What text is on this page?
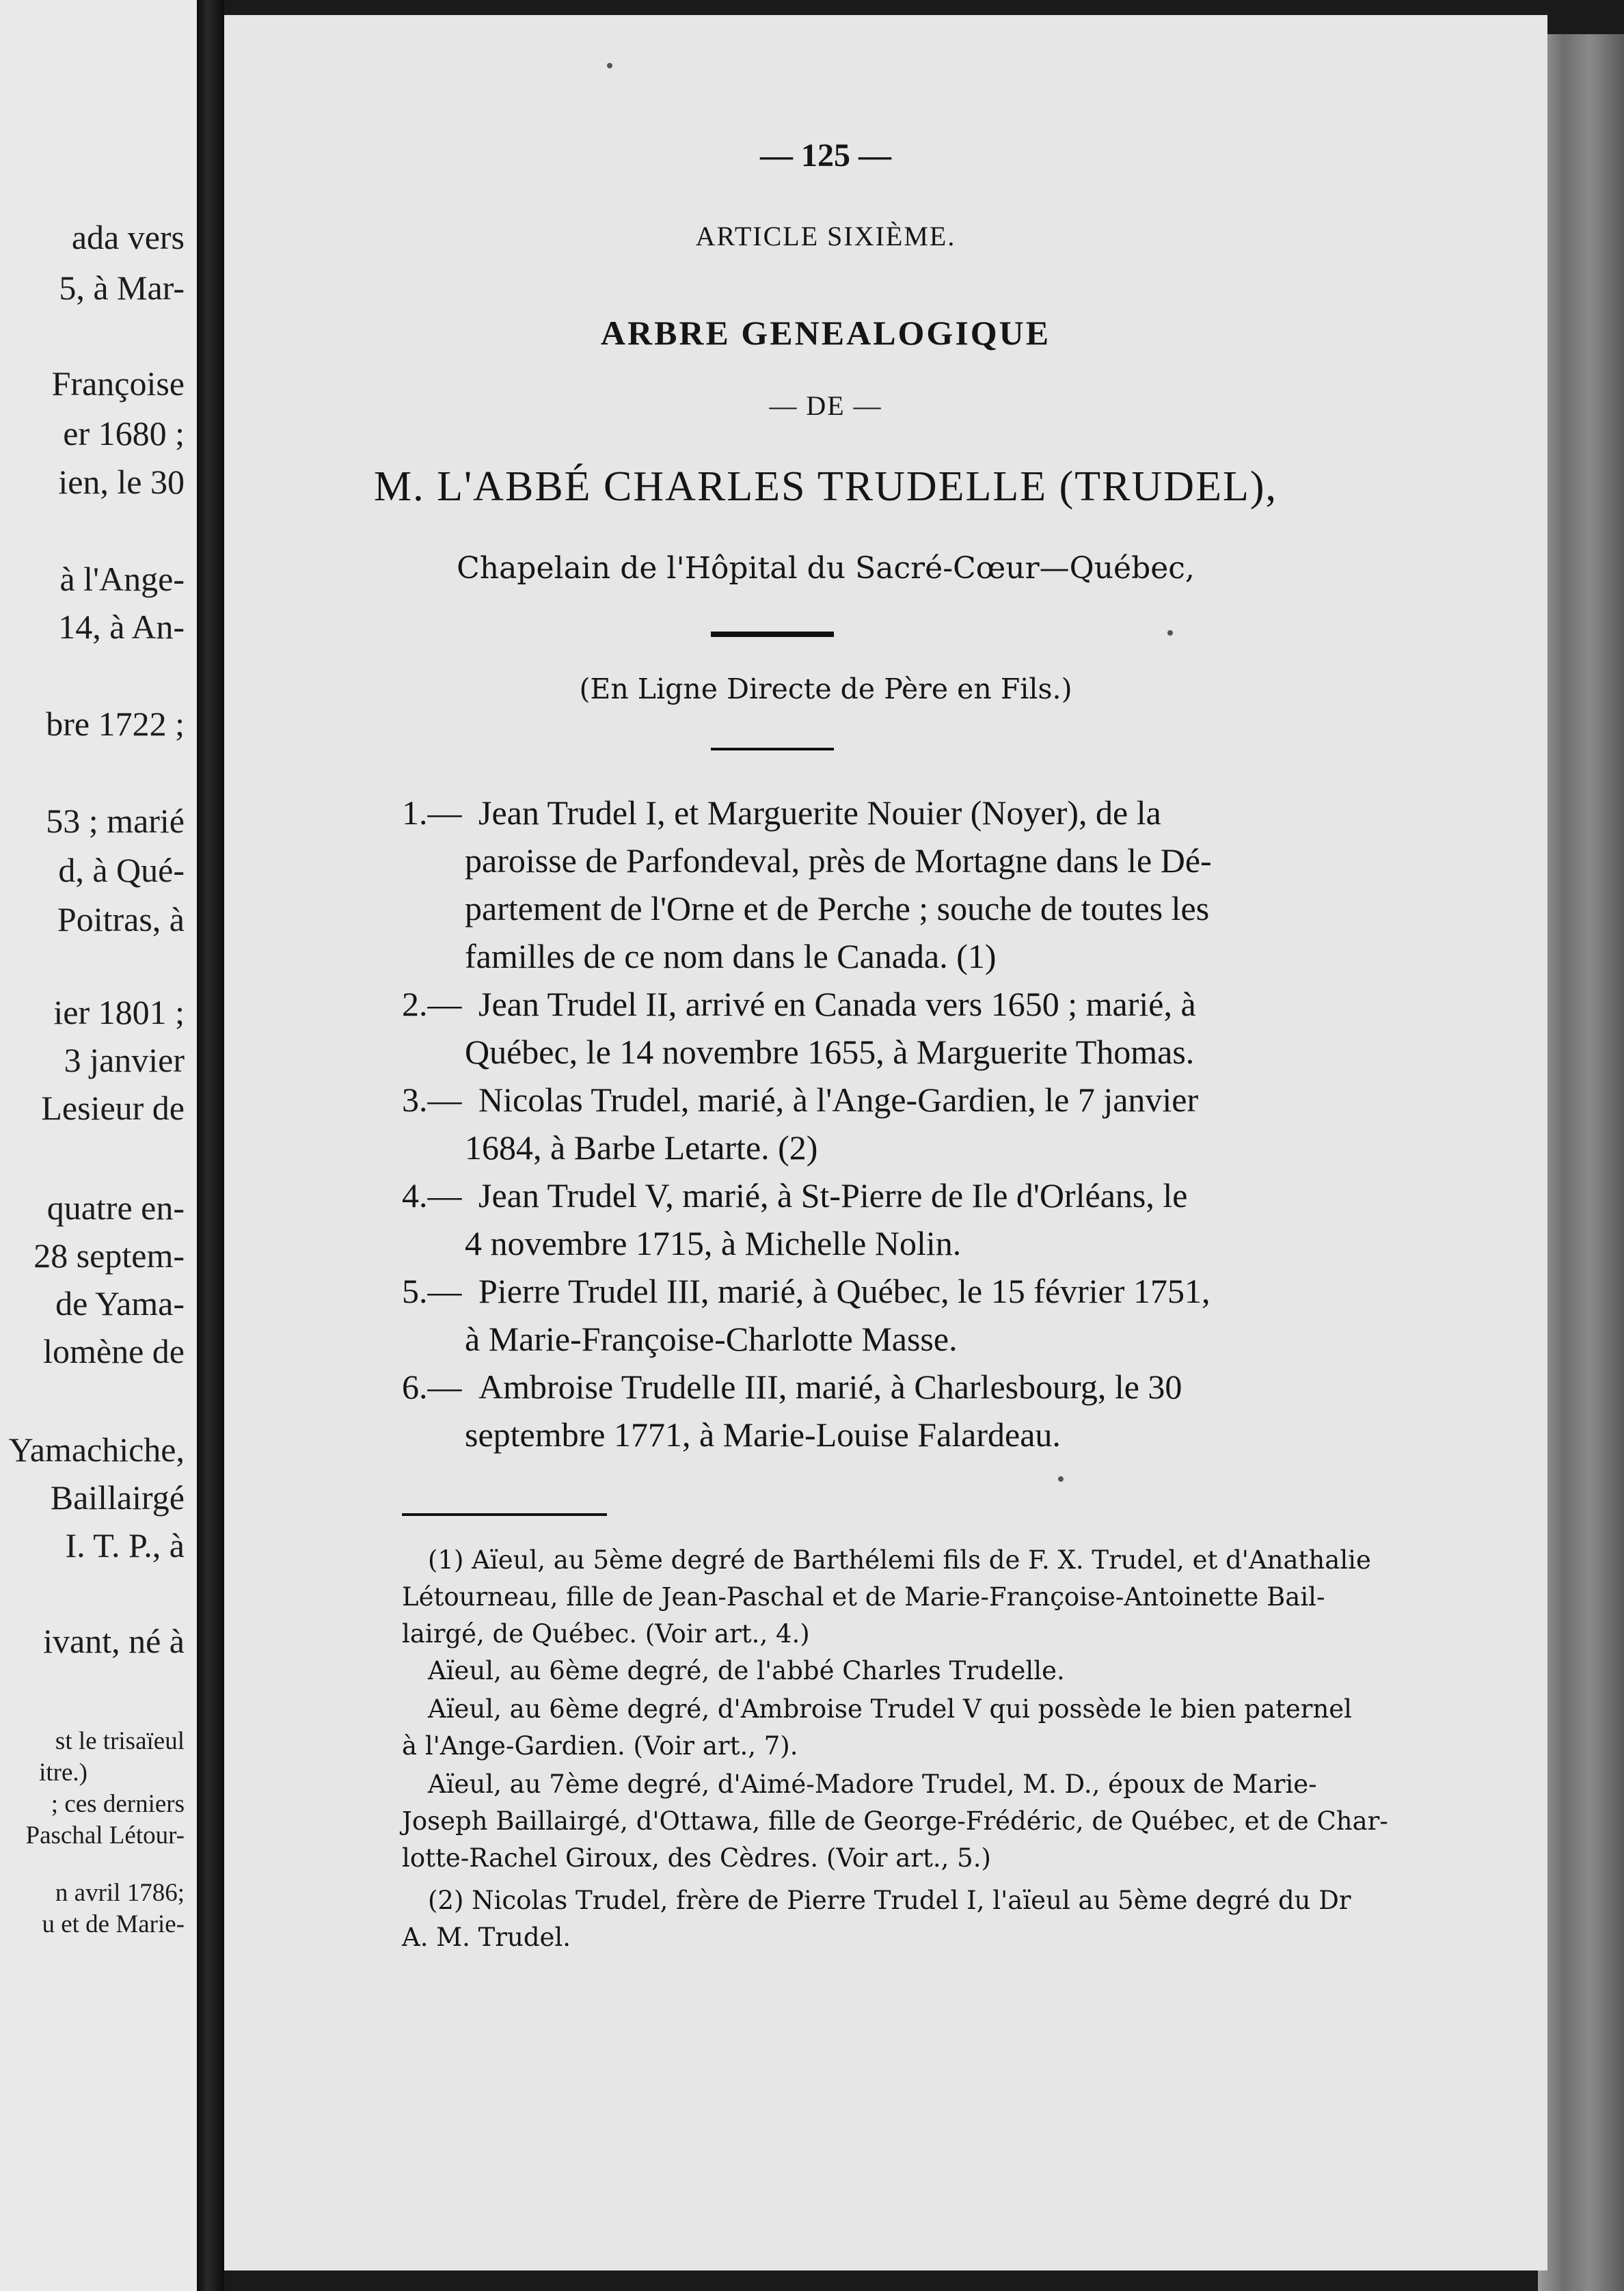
ada vers
5, à Mar-
Françoise
er 1680 ;
ien, le 30
à l'Ange-
14, à An-
bre 1722 ;
53 ; marié
d, à Qué-
Poitras, à
ier 1801 ;
3 janvier
Lesieur de
quatre en-
28 septem-
de Yama-
lomène de
Yamachiche,
Baillairgé
I. T. P., à
ivant, né à
st le trisaïeul
itre.)
; ces derniers
Paschal Létour-
n avril 1786;
u et de Marie-
— 125 —
ARTICLE SIXIÈME.
ARBRE GENEALOGIQUE
— DE —
M. L'ABBÉ CHARLES TRUDELLE (TRUDEL),
Chapelain de l'Hôpital du Sacré-Cœur—Québec,
(En Ligne Directe de Père en Fils.)
1.— Jean Trudel I, et Marguerite Nouier (Noyer), de la
paroisse de Parfondeval, près de Mortagne dans le Dé-
partement de l'Orne et de Perche ; souche de toutes les
familles de ce nom dans le Canada. (1)
2.— Jean Trudel II, arrivé en Canada vers 1650 ; marié, à
Québec, le 14 novembre 1655, à Marguerite Thomas.
3.— Nicolas Trudel, marié, à l'Ange-Gardien, le 7 janvier
1684, à Barbe Letarte. (2)
4.— Jean Trudel V, marié, à St-Pierre de Ile d'Orléans, le
4 novembre 1715, à Michelle Nolin.
5.— Pierre Trudel III, marié, à Québec, le 15 février 1751,
à Marie-Françoise-Charlotte Masse.
6.— Ambroise Trudelle III, marié, à Charlesbourg, le 30
septembre 1771, à Marie-Louise Falardeau.
(1) Aïeul, au 5ème degré de Barthélemi fils de F. X. Trudel, et d'Anathalie
Létourneau, fille de Jean-Paschal et de Marie-Françoise-Antoinette Bail-
lairgé, de Québec. (Voir art., 4.)
Aïeul, au 6ème degré, de l'abbé Charles Trudelle.
Aïeul, au 6ème degré, d'Ambroise Trudel V qui possède le bien paternel
à l'Ange-Gardien. (Voir art., 7).
Aïeul, au 7ème degré, d'Aimé-Madore Trudel, M. D., époux de Marie-
Joseph Baillairgé, d'Ottawa, fille de George-Frédéric, de Québec, et de Char-
lotte-Rachel Giroux, des Cèdres. (Voir art., 5.)
(2) Nicolas Trudel, frère de Pierre Trudel I, l'aïeul au 5ème degré du Dr
A. M. Trudel.
